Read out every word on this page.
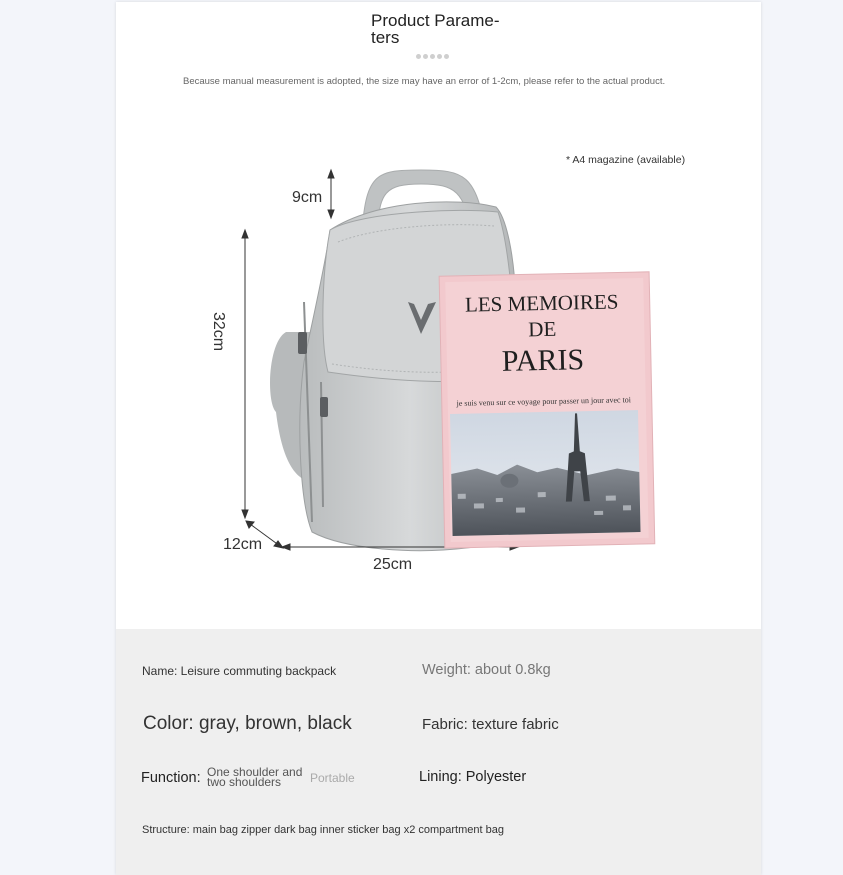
Product Parame-
ters
Because manual measurement is adopted, the size may have an error of 1-2cm, please refer to the actual product.
9cm
32cm
12cm
25cm
LES MEMOIRES
DE
PARIS
je suis venu sur ce voyage pour passer un jour avec toi
* A4 magazine (available)
Name: Leisure commuting backpack	Weight: about 0.8kg
Color: gray, brown, black	Fabric: texture fabric
Function: One shoulder and two shoulders	Portable	Lining: Polyester
Structure: main bag zipper dark bag inner sticker bag x2 compartment bag
